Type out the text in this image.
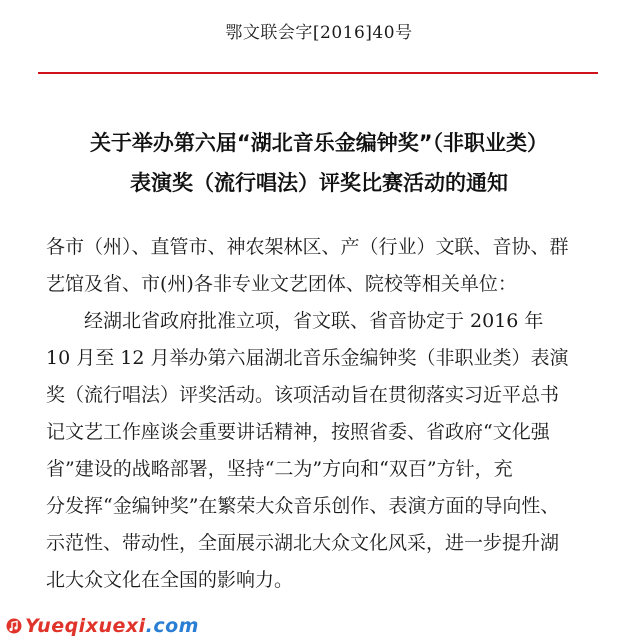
鄂文联会字[2016]40号
关于举办第六届“湖北音乐金编钟奖”（非职业类）
表演奖（流行唱法）评奖比赛活动的通知
各市（州）、直管市、神农架林区、产（行业）文联、音协、群
艺馆及省、市(州)各非专业文艺团体、院校等相关单位：
经湖北省政府批准立项，省文联、省音协定于 2016 年
10 月至 12 月举办第六届湖北音乐金编钟奖（非职业类）表演
奖（流行唱法）评奖活动。该项活动旨在贯彻落实习近平总书
记文艺工作座谈会重要讲话精神，按照省委、省政府“文化强
省”建设的战略部署，坚持“二为”方向和“双百”方针，充
分发挥“金编钟奖”在繁荣大众音乐创作、表演方面的导向性、
示范性、带动性，全面展示湖北大众文化风采，进一步提升湖
北大众文化在全国的影响力。
Yueqixuexi .com
